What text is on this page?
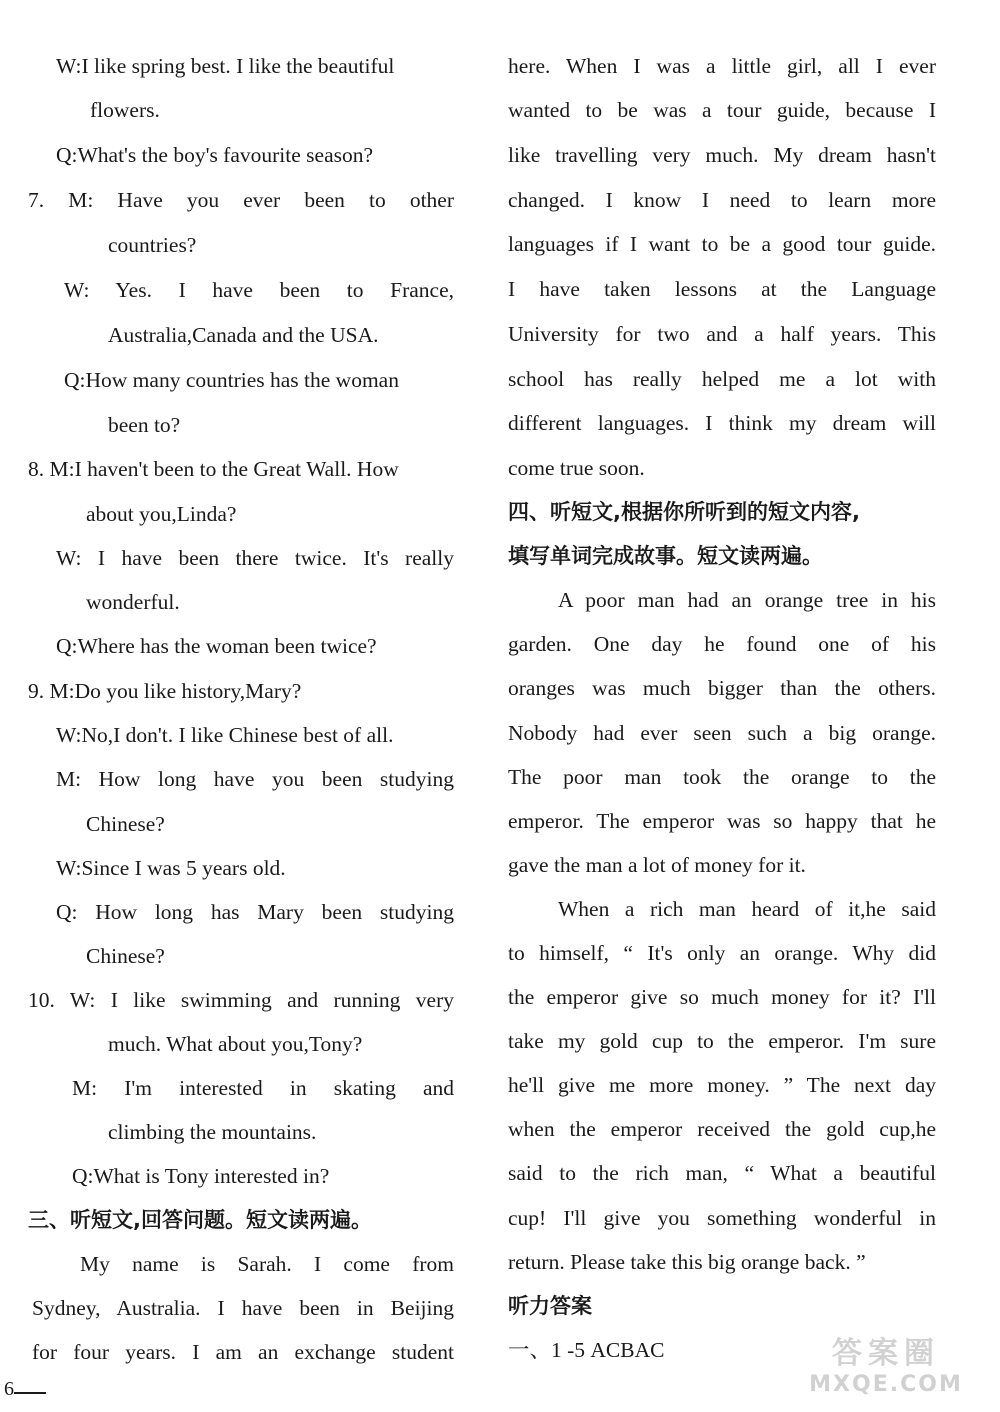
W:I like spring best. I like the beautiful
flowers.
Q:What's the boy's favourite season?
7. M: Have you ever been to other
countries?
W: Yes. I have been to France,
Australia,Canada and the USA.
Q:How many countries has the woman
been to?
8. M:I haven't been to the Great Wall. How
about you,Linda?
W: I have been there twice. It's really
wonderful.
Q:Where has the woman been twice?
9. M:Do you like history,Mary?
W:No,I don't. I like Chinese best of all.
M: How long have you been studying
Chinese?
W:Since I was 5 years old.
Q: How long has Mary been studying
Chinese?
10. W: I like swimming and running very
much. What about you,Tony?
M: I'm interested in skating and
climbing the mountains.
Q:What is Tony interested in?
三、听短文,回答问题。短文读两遍。
My name is Sarah. I come from
Sydney, Australia. I have been in Beijing
for four years. I am an exchange student
here. When I was a little girl, all I ever
wanted to be was a tour guide, because I
like travelling very much. My dream hasn't
changed. I know I need to learn more
languages if I want to be a good tour guide.
I have taken lessons at the Language
University for two and a half years. This
school has really helped me a lot with
different languages. I think my dream will
come true soon.
四、听短文,根据你所听到的短文内容,
填写单词完成故事。短文读两遍。
A poor man had an orange tree in his
garden. One day he found one of his
oranges was much bigger than the others.
Nobody had ever seen such a big orange.
The poor man took the orange to the
emperor. The emperor was so happy that he
gave the man a lot of money for it.
When a rich man heard of it,he said
to himself, “ It's only an orange. Why did
the emperor give so much money for it? I'll
take my gold cup to the emperor. I'm sure
he'll give me more money. ” The next day
when the emperor received the gold cup,he
said to the rich man, “ What a beautiful
cup! I'll give you something wonderful in
return. Please take this big orange back. ”
听力答案
一、1 -5 ACBAC
6
答案圈
MXQE.COM
